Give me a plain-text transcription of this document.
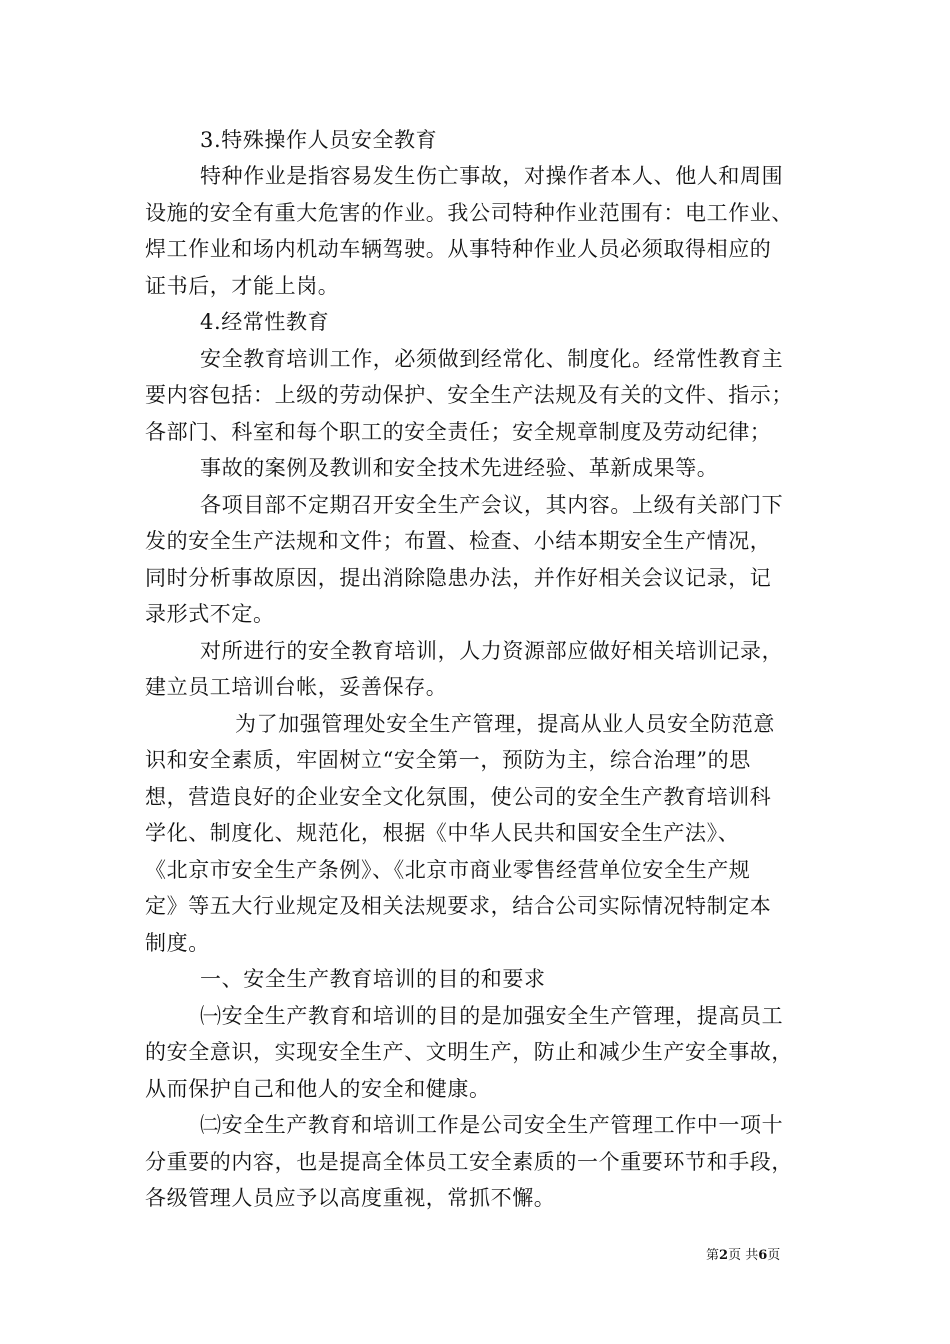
3.特殊操作人员安全教育
特种作业是指容易发生伤亡事故，对操作者本人、他人和周围
设施的安全有重大危害的作业。我公司特种作业范围有：电工作业、
焊工作业和场内机动车辆驾驶。从事特种作业人员必须取得相应的
证书后，才能上岗。
4.经常性教育
安全教育培训工作，必须做到经常化、制度化。经常性教育主
要内容包括：上级的劳动保护、安全生产法规及有关的文件、指示；
各部门、科室和每个职工的安全责任；安全规章制度及劳动纪律；
事故的案例及教训和安全技术先进经验、革新成果等。
各项目部不定期召开安全生产会议，其内容。上级有关部门下
发的安全生产法规和文件；布置、检查、小结本期安全生产情况，
同时分析事故原因，提出消除隐患办法，并作好相关会议记录，记
录形式不定。
对所进行的安全教育培训，人力资源部应做好相关培训记录，
建立员工培训台帐，妥善保存。
为了加强管理处安全生产管理，提高从业人员安全防范意
识和安全素质，牢固树立“安全第一，预防为主，综合治理”的思
想，营造良好的企业安全文化氛围，使公司的安全生产教育培训科
学化、制度化、规范化，根据《中华人民共和国安全生产法》、
《北京市安全生产条例》、《北京市商业零售经营单位安全生产规
定》等五大行业规定及相关法规要求，结合公司实际情况特制定本
制度。
一、安全生产教育培训的目的和要求
㈠安全生产教育和培训的目的是加强安全生产管理，提高员工
的安全意识，实现安全生产、文明生产，防止和减少生产安全事故，
从而保护自己和他人的安全和健康。
㈡安全生产教育和培训工作是公司安全生产管理工作中一项十
分重要的内容，也是提高全体员工安全素质的一个重要环节和手段，
各级管理人员应予以高度重视，常抓不懈。
第2页 共6页
